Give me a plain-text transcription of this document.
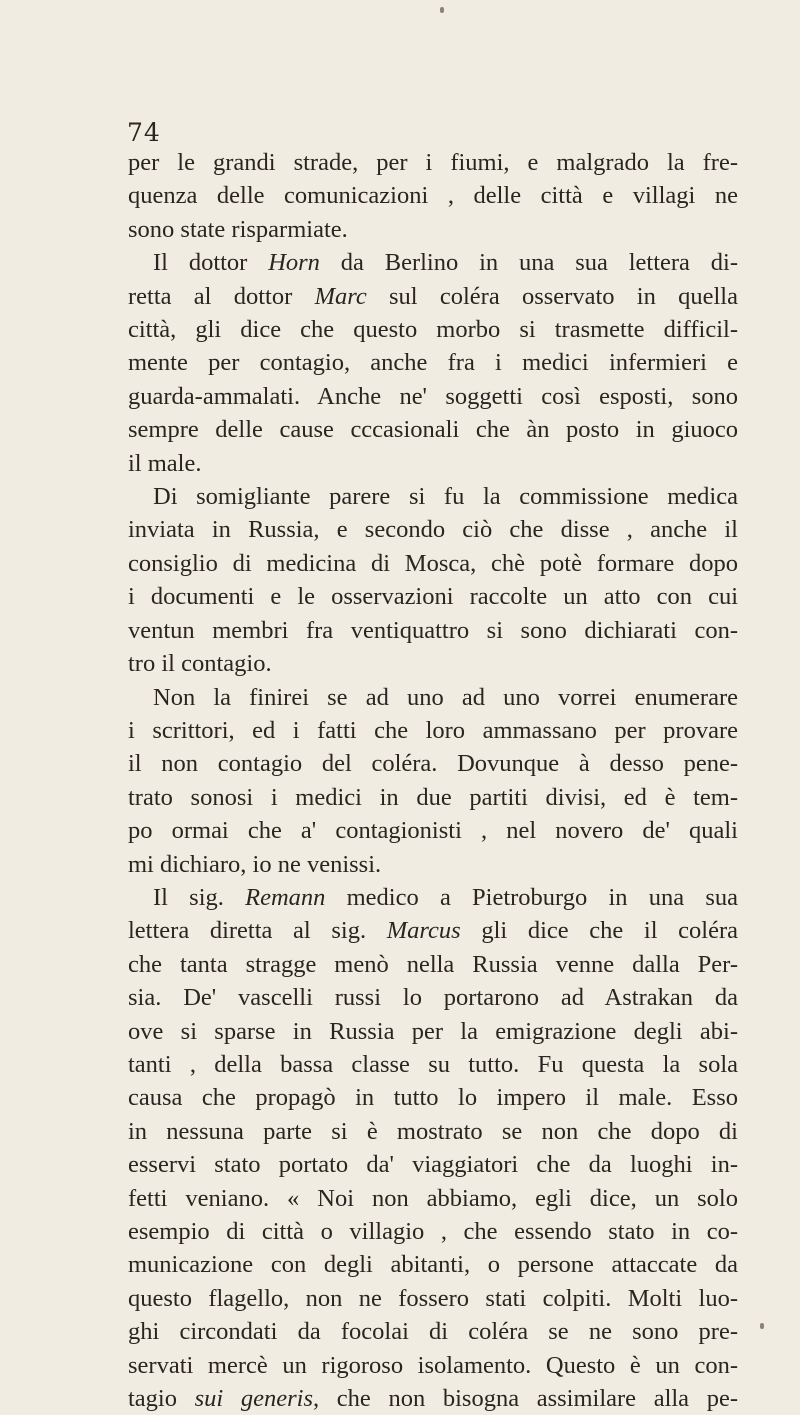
74
per le grandi strade, per i fiumi, e malgrado la fre-
quenza delle comunicazioni , delle città e villagi ne
sono state risparmiate.
Il dottor Horn da Berlino in una sua lettera di-
retta al dottor Marc sul coléra osservato in quella
città, gli dice che questo morbo si trasmette difficil-
mente per contagio, anche fra i medici infermieri e
guarda-ammalati. Anche ne' soggetti così esposti, sono
sempre delle cause cccasionali che àn posto in giuoco
il male.
Di somigliante parere si fu la commissione medica
inviata in Russia, e secondo ciò che disse , anche il
consiglio di medicina di Mosca, chè potè formare dopo
i documenti e le osservazioni raccolte un atto con cui
ventun membri fra ventiquattro si sono dichiarati con-
tro il contagio.
Non la finirei se ad uno ad uno vorrei enumerare
i scrittori, ed i fatti che loro ammassano per provare
il non contagio del coléra. Dovunque à desso pene-
trato sonosi i medici in due partiti divisi, ed è tem-
po ormai che a' contagionisti , nel novero de' quali
mi dichiaro, io ne venissi.
Il sig. Remann medico a Pietroburgo in una sua
lettera diretta al sig. Marcus gli dice che il coléra
che tanta stragge menò nella Russia venne dalla Per-
sia. De' vascelli russi lo portarono ad Astrakan da
ove si sparse in Russia per la emigrazione degli abi-
tanti , della bassa classe su tutto. Fu questa la sola
causa che propagò in tutto lo impero il male. Esso
in nessuna parte si è mostrato se non che dopo di
esservi stato portato da' viaggiatori che da luoghi in-
fetti veniano. « Noi non abbiamo, egli dice, un solo
esempio di città o villagio , che essendo stato in co-
municazione con degli abitanti, o persone attaccate da
questo flagello, non ne fossero stati colpiti. Molti luo-
ghi circondati da focolai di coléra se ne sono pre-
servati mercè un rigoroso isolamento. Questo è un con-
tagio sui generis, che non bisogna assimilare alla pe-
